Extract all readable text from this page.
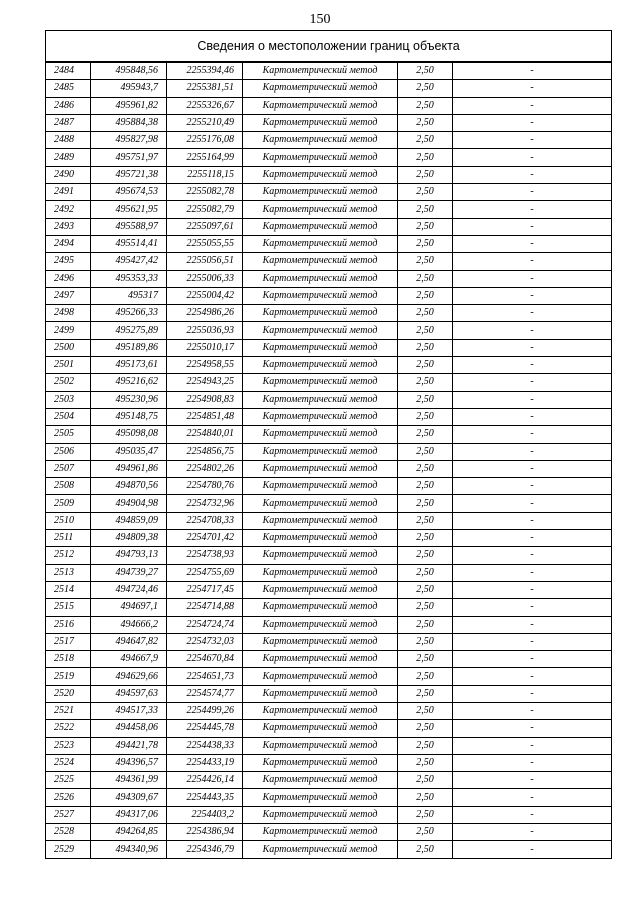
150
Сведения о местоположении границ объекта					
2484	495848,56	2255394,46	Картометрический метод	2,50	-
2485	495943,7	2255381,51	Картометрический метод	2,50	-
2486	495961,82	2255326,67	Картометрический метод	2,50	-
2487	495884,38	2255210,49	Картометрический метод	2,50	-
2488	495827,98	2255176,08	Картометрический метод	2,50	-
2489	495751,97	2255164,99	Картометрический метод	2,50	-
2490	495721,38	2255118,15	Картометрический метод	2,50	-
2491	495674,53	2255082,78	Картометрический метод	2,50	-
2492	495621,95	2255082,79	Картометрический метод	2,50	-
2493	495588,97	2255097,61	Картометрический метод	2,50	-
2494	495514,41	2255055,55	Картометрический метод	2,50	-
2495	495427,42	2255056,51	Картометрический метод	2,50	-
2496	495353,33	2255006,33	Картометрический метод	2,50	-
2497	495317	2255004,42	Картометрический метод	2,50	-
2498	495266,33	2254986,26	Картометрический метод	2,50	-
2499	495275,89	2255036,93	Картометрический метод	2,50	-
2500	495189,86	2255010,17	Картометрический метод	2,50	-
2501	495173,61	2254958,55	Картометрический метод	2,50	-
2502	495216,62	2254943,25	Картометрический метод	2,50	-
2503	495230,96	2254908,83	Картометрический метод	2,50	-
2504	495148,75	2254851,48	Картометрический метод	2,50	-
2505	495098,08	2254840,01	Картометрический метод	2,50	-
2506	495035,47	2254856,75	Картометрический метод	2,50	-
2507	494961,86	2254802,26	Картометрический метод	2,50	-
2508	494870,56	2254780,76	Картометрический метод	2,50	-
2509	494904,98	2254732,96	Картометрический метод	2,50	-
2510	494859,09	2254708,33	Картометрический метод	2,50	-
2511	494809,38	2254701,42	Картометрический метод	2,50	-
2512	494793,13	2254738,93	Картометрический метод	2,50	-
2513	494739,27	2254755,69	Картометрический метод	2,50	-
2514	494724,46	2254717,45	Картометрический метод	2,50	-
2515	494697,1	2254714,88	Картометрический метод	2,50	-
2516	494666,2	2254724,74	Картометрический метод	2,50	-
2517	494647,82	2254732,03	Картометрический метод	2,50	-
2518	494667,9	2254670,84	Картометрический метод	2,50	-
2519	494629,66	2254651,73	Картометрический метод	2,50	-
2520	494597,63	2254574,77	Картометрический метод	2,50	-
2521	494517,33	2254499,26	Картометрический метод	2,50	-
2522	494458,06	2254445,78	Картометрический метод	2,50	-
2523	494421,78	2254438,33	Картометрический метод	2,50	-
2524	494396,57	2254433,19	Картометрический метод	2,50	-
2525	494361,99	2254426,14	Картометрический метод	2,50	-
2526	494309,67	2254443,35	Картометрический метод	2,50	-
2527	494317,06	2254403,2	Картометрический метод	2,50	-
2528	494264,85	2254386,94	Картометрический метод	2,50	-
2529	494340,96	2254346,79	Картометрический метод	2,50	-
